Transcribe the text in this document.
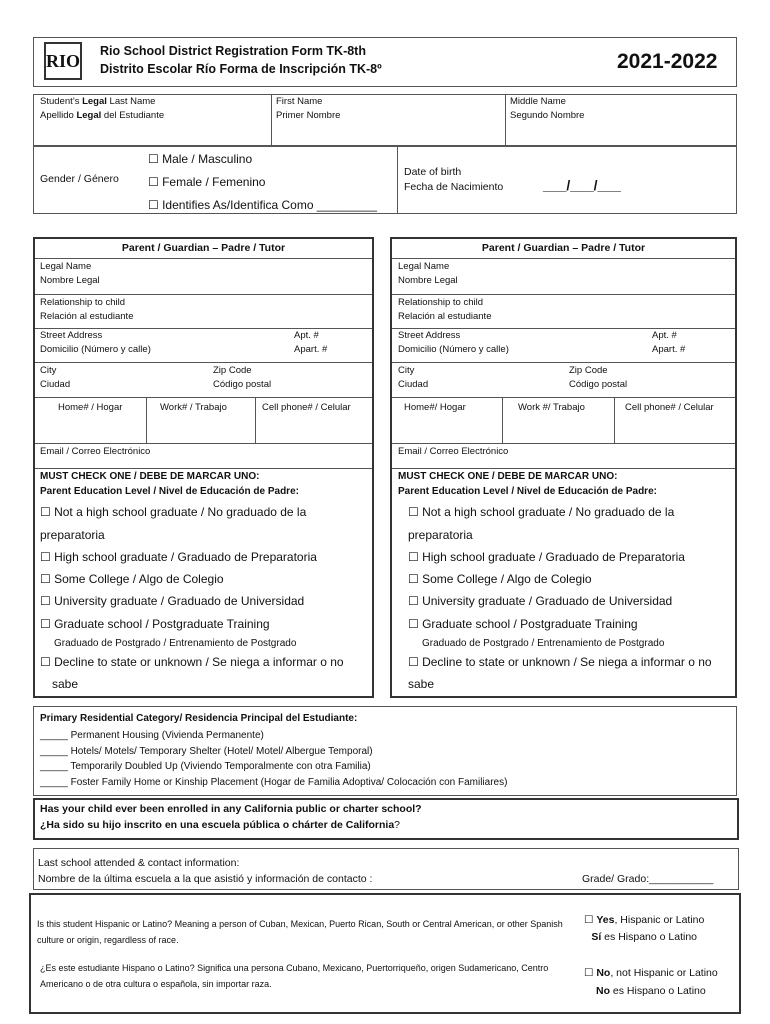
RIO Rio School District Registration Form TK-8th
Distrito Escolar Río Forma de Inscripción TK-8º	2021-2022
Student’s Legal Last Name
Apellido Legal del Estudiante
First Name
Primer Nombre
Middle Name
Segundo Nombre
Gender / Género
☐ Male / Masculino
☐ Female / Femenino
☐ Identifies As/Identifica Como _________
Date of birth
Fecha de Nacimiento	___/___/___
Parent / Guardian – Padre / Tutor
Legal Name
Nombre Legal
Relationship to child
Relación al estudiante
Street Address
Domicilio (Número y calle)
Apt. #
Apart. #
City
Ciudad
Zip Code
Código postal
Home# / Hogar	Work# / Trabajo	Cell phone# / Celular
Email / Correo Electrónico
MUST CHECK ONE / DEBE DE MARCAR UNO:
Parent Education Level / Nivel de Educación de Padre:
☐ Not a high school graduate / No graduado de la
preparatoria
☐ High school graduate / Graduado de Preparatoria
☐ Some College / Algo de Colegio
☐ University graduate / Graduado de Universidad
☐ Graduate school / Postgraduate Training
Graduado de Postgrado / Entrenamiento de Postgrado
☐ Decline to state or unknown / Se niega a informar o no
sabe
Parent / Guardian – Padre / Tutor
Legal Name
Nombre Legal
Relationship to child
Relación al estudiante
Street Address
Domicilio (Número y calle)
Apt. #
Apart. #
City
Ciudad
Zip Code
Código postal
Home#/ Hogar	Work #/ Trabajo	Cell phone# / Celular
Email / Correo Electrónico
MUST CHECK ONE / DEBE DE MARCAR UNO:
Parent Education Level / Nivel de Educación de Padre:
☐ Not a high school graduate / No graduado de la
preparatoria
☐ High school graduate / Graduado de Preparatoria
☐ Some College / Algo de Colegio
☐ University graduate / Graduado de Universidad
☐ Graduate school / Postgraduate Training
Graduado de Postgrado / Entrenamiento de Postgrado
☐ Decline to state or unknown / Se niega a informar o no
sabe
Primary Residential Category/ Residencia Principal del Estudiante:
_____ Permanent Housing (Vivienda Permanente)
_____ Hotels/ Motels/ Temporary Shelter (Hotel/ Motel/ Albergue Temporal)
_____ Temporarily Doubled Up (Viviendo Temporalmente con otra Familia)
_____ Foster Family Home or Kinship Placement (Hogar de Familia Adoptiva/ Colocación con Familiares)
Has your child ever been enrolled in any California public or charter school?
¿Ha sido su hijo inscrito en una escuela pública o chárter de California?
Last school attended & contact information:
Nombre de la última escuela a la que asistió y información de contacto :	Grade/ Grado:___________
Is this student Hispanic or Latino? Meaning a person of Cuban, Mexican, Puerto Rican, South or Central American, or other Spanish culture or origin, regardless of race.
¿Es este estudiante Hispano o Latino? Significa una persona Cubano, Mexicano, Puertorriqueño, origen Sudamericano, Centro Americano o de otra cultura o española, sin importar raza.
☐ Yes, Hispanic or Latino
Sí es Hispano o Latino
☐ No, not Hispanic or Latino
No es Hispano o Latino
